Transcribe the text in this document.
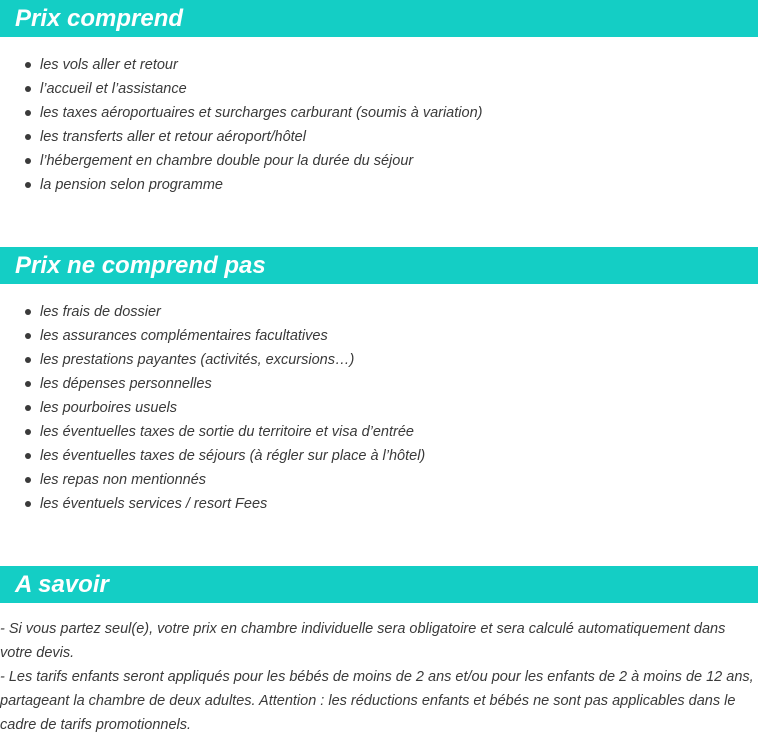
Prix comprend
les vols aller et retour
l’accueil et l’assistance
les taxes aéroportuaires et surcharges carburant (soumis à variation)
les transferts aller et retour aéroport/hôtel
l’hébergement en chambre double pour la durée du séjour
la pension selon programme
Prix ne comprend pas
les frais de dossier
les assurances complémentaires facultatives
les prestations payantes (activités, excursions…)
les dépenses personnelles
les pourboires usuels
les éventuelles taxes de sortie du territoire et visa d’entrée
les éventuelles taxes de séjours (à régler sur place à l’hôtel)
les repas non mentionnés
les éventuels services / resort Fees
A savoir

- Si vous partez seul(e), votre prix en chambre individuelle sera obligatoire et sera calculé automatiquement dans votre devis.

- Les tarifs enfants seront appliqués pour les bébés de moins de 2 ans et/ou pour les enfants de 2 à moins de 12 ans, partageant la chambre de deux adultes. Attention : les réductions enfants et bébés ne sont pas applicables dans le cadre de tarifs promotionnels.
